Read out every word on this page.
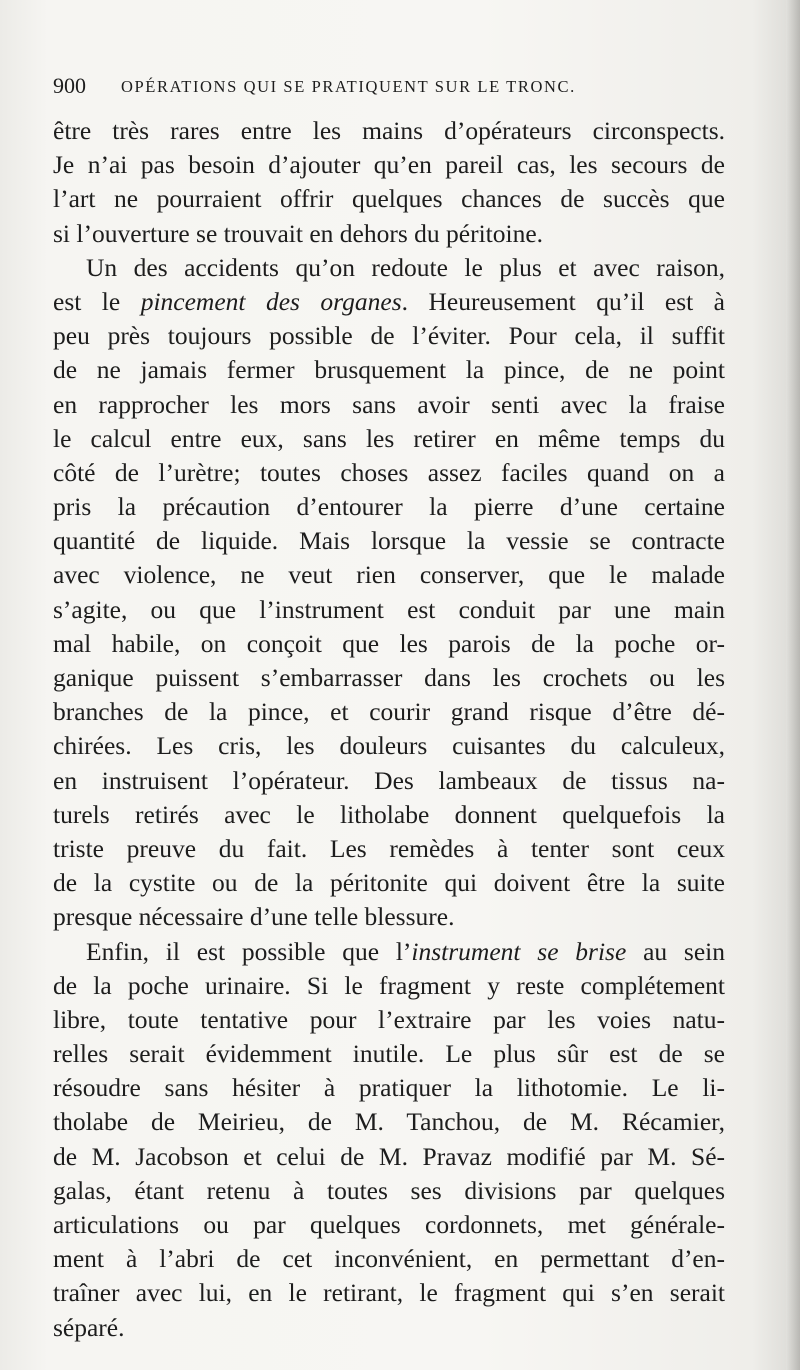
900 OPÉRATIONS QUI SE PRATIQUENT SUR LE TRONC.
être très rares entre les mains d’opérateurs circonspects.
Je n’ai pas besoin d’ajouter qu’en pareil cas, les secours de
l’art ne pourraient offrir quelques chances de succès que
si l’ouverture se trouvait en dehors du péritoine.
Un des accidents qu’on redoute le plus et avec raison,
est le pincement des organes. Heureusement qu’il est à
peu près toujours possible de l’éviter. Pour cela, il suffit
de ne jamais fermer brusquement la pince, de ne point
en rapprocher les mors sans avoir senti avec la fraise
le calcul entre eux, sans les retirer en même temps du
côté de l’urètre; toutes choses assez faciles quand on a
pris la précaution d’entourer la pierre d’une certaine
quantité de liquide. Mais lorsque la vessie se contracte
avec violence, ne veut rien conserver, que le malade
s’agite, ou que l’instrument est conduit par une main
mal habile, on conçoit que les parois de la poche or-
ganique puissent s’embarrasser dans les crochets ou les
branches de la pince, et courir grand risque d’être dé-
chirées. Les cris, les douleurs cuisantes du calculeux,
en instruisent l’opérateur. Des lambeaux de tissus na-
turels retirés avec le litholabe donnent quelquefois la
triste preuve du fait. Les remèdes à tenter sont ceux
de la cystite ou de la péritonite qui doivent être la suite
presque nécessaire d’une telle blessure.
Enfin, il est possible que l’instrument se brise au sein
de la poche urinaire. Si le fragment y reste complétement
libre, toute tentative pour l’extraire par les voies natu-
relles serait évidemment inutile. Le plus sûr est de se
résoudre sans hésiter à pratiquer la lithotomie. Le li-
tholabe de Meirieu, de M. Tanchou, de M. Récamier,
de M. Jacobson et celui de M. Pravaz modifié par M. Sé-
galas, étant retenu à toutes ses divisions par quelques
articulations ou par quelques cordonnets, met générale-
ment à l’abri de cet inconvénient, en permettant d’en-
traîner avec lui, en le retirant, le fragment qui s’en serait
séparé.
